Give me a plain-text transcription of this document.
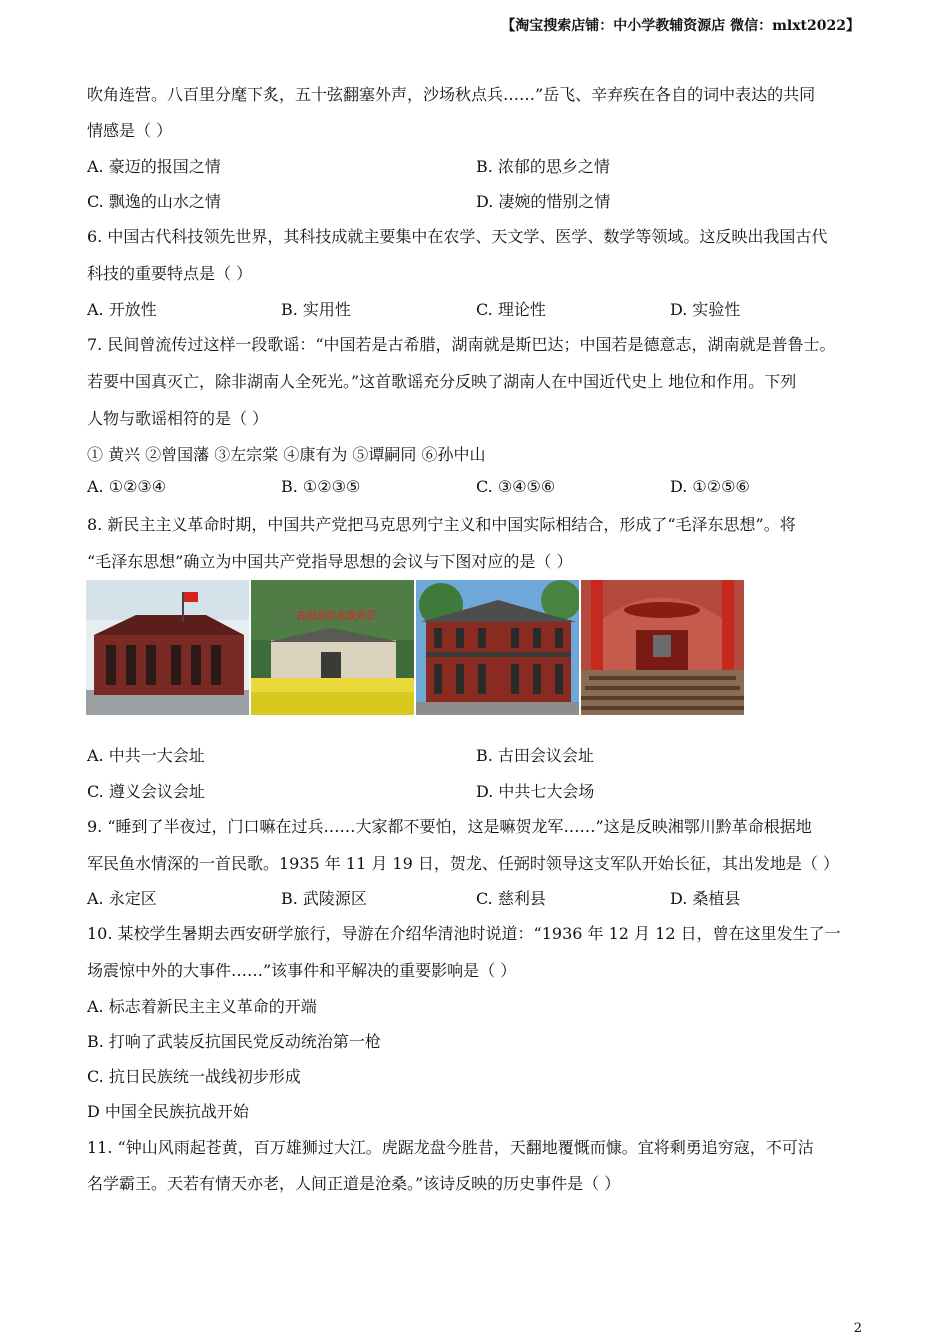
【淘宝搜索店铺：中小学教辅资源店 微信：mlxt2022】
吹角连营。八百里分麾下炙，五十弦翻塞外声，沙场秋点兵……”岳飞、辛弃疾在各自的词中表达的共同
情感是（ ）
A. 豪迈的报国之情	B. 浓郁的思乡之情
C. 飘逸的山水之情	D. 凄婉的惜别之情
6. 中国古代科技领先世界，其科技成就主要集中在农学、天文学、医学、数学等领域。这反映出我国古代
科技的重要特点是（ ）
A. 开放性	B. 实用性	C. 理论性	D. 实验性
7. 民间曾流传过这样一段歌谣：“中国若是古希腊，湖南就是斯巴达；中国若是德意志，湖南就是普鲁士。
若要中国真灭亡，除非湖南人全死光。”这首歌谣充分反映了湖南人在中国近代史上 地位和作用。下列
人物与歌谣相符的是（ ）
① 黄兴 ②曾国藩 ③左宗棠 ④康有为 ⑤谭嗣同 ⑥孙中山
A. ①②③④	B. ①②③⑤	C. ③④⑤⑥	D. ①②⑤⑥
8. 新民主主义革命时期，中国共产党把马克思列宁主义和中国实际相结合，形成了“毛泽东思想”。将
“毛泽东思想”确立为中国共产党指导思想的会议与下图对应的是（ ）
古田会议永放光芒
A. 中共一大会址	B. 古田会议会址
C. 遵义会议会址	D. 中共七大会场
9. “睡到了半夜过，门口嘛在过兵……大家都不要怕，这是嘛贺龙军……”这是反映湘鄂川黔革命根据地
军民鱼水情深的一首民歌。1935 年 11 月 19 日，贺龙、任弼时领导这支军队开始长征，其出发地是（ ）
A. 永定区	B. 武陵源区	C. 慈利县	D. 桑植县
10. 某校学生暑期去西安研学旅行，导游在介绍华清池时说道：“1936 年 12 月 12 日，曾在这里发生了一
场震惊中外的大事件……”该事件和平解决的重要影响是（ ）
A. 标志着新民主主义革命的开端
B. 打响了武装反抗国民党反动统治第一枪
C. 抗日民族统一战线初步形成
D 中国全民族抗战开始
11. “钟山风雨起苍黄，百万雄狮过大江。虎踞龙盘今胜昔，天翻地覆慨而慷。宜将剩勇追穷寇，不可沽
名学霸王。天若有情天亦老，人间正道是沧桑。”该诗反映的历史事件是（ ）
2
